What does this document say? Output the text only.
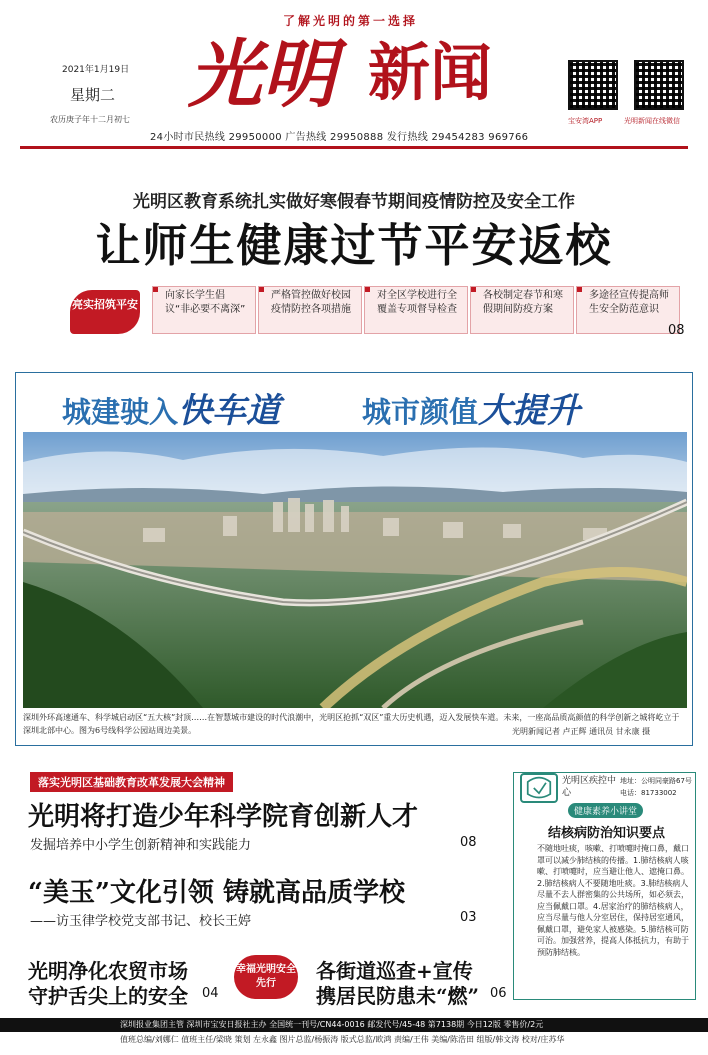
了解光明的第一选择
光明 新闻
2021年1月19日
星期二
农历庚子年十二月初七	宝安湾APP	光明新闻在线微信
24小时市民热线 29950000 广告热线 29950888 发行热线 29454283 969766
光明区教育系统扎实做好寒假春节期间疫情防控及安全工作
让师生健康过节平安返校
亮实招筑平安
向家长学生倡议“非必要不离深”
严格管控做好校园疫情防控各项措施
对全区学校进行全覆盖专项督导检查
各校制定春节和寒假期间防疫方案
多途径宣传提高师生安全防范意识
08
城建驶入快车道	城市颜值大提升
深圳外环高速通车、科学城启动区“五大核”封顶……在智慧城市建设的时代浪潮中，光明区抢抓“双区”重大历史机遇，迈入发展快车道。未来，一座高品质高颜值的科学创新之城将屹立于深圳北部中心。图为6号线科学公园站周边美景。	光明新闻记者 卢正辉 通讯员 甘永康 摄
落实光明区基础教育改革发展大会精神
光明将打造少年科学院育创新人才
发掘培养中小学生创新精神和实践能力	08
“美玉”文化引领 铸就高品质学校
——访玉律学校党支部书记、校长王婷	03
光明净化农贸市场
守护舌尖上的安全 04
幸福光明安全先行
各街道巡查+宣传
携居民防患未“燃” 06
光明区疾控中心
地址：公明同豪路67号
电话：81733002
健康素养小讲堂
结核病防治知识要点
不随地吐痰，咳嗽、打喷嚏时掩口鼻，戴口罩可以减少肺结核的传播。1.肺结核病人咳嗽、打喷嚏时，应当避让他人、遮掩口鼻。2.肺结核病人不要随地吐痰。3.肺结核病人尽量不去人群密集的公共场所，如必须去，应当佩戴口罩。4.居家治疗的肺结核病人，应当尽量与他人分室居住，保持居室通风，佩戴口罩，避免家人被感染。5.肺结核可防可治。加强营养，提高人体抵抗力，有助于预防肺结核。
深圳报业集团主管 深圳市宝安日报社主办 全国统一刊号/CN44-0016 邮发代号/45-48 第7138期 今日12版 零售价/2元
值班总编/刘娜仁 值班主任/梁晓 策划 左永鑫 图片总监/杨振涛 版式总监/欧鸿 责编/王伟 美编/陈浩田 组版/韩文涛 校对/庄苏华
